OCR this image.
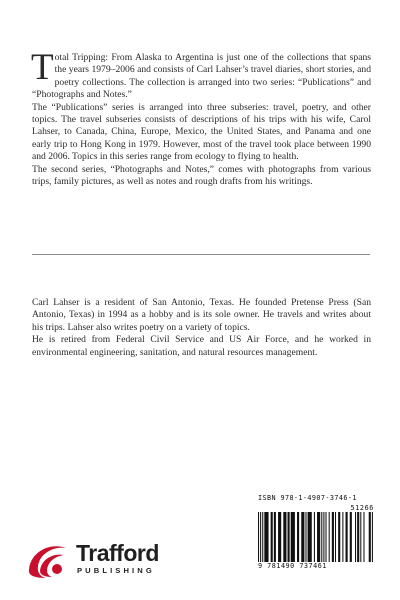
Total Tripping: From Alaska to Argentina is just one of the collections that spans the years 1979–2006 and consists of Carl Lahser’s travel diaries, short stories, and poetry collections. The collection is arranged into two series: “Publications” and “Photographs and Notes.”

The “Publications” series is arranged into three subseries: travel, poetry, and other topics. The travel subseries consists of descriptions of his trips with his wife, Carol Lahser, to Canada, China, Europe, Mexico, the United States, and Panama and one early trip to Hong Kong in 1979. However, most of the travel took place between 1990 and 2006. Topics in this series range from ecology to flying to health.

The second series, “Photographs and Notes,” comes with photographs from various trips, family pictures, as well as notes and rough drafts from his writings.

Carl Lahser is a resident of San Antonio, Texas. He founded Pretense Press (San Antonio, Texas) in 1994 as a hobby and is its sole owner. He travels and writes about his trips. Lahser also writes poetry on a variety of topics.

He is retired from Federal Civil Service and US Air Force, and he worked in environmental engineering, sanitation, and natural resources management.

ISBN 978-1-4907-3746-1
51266
9 781490 737461
Trafford
PUBLISHING
